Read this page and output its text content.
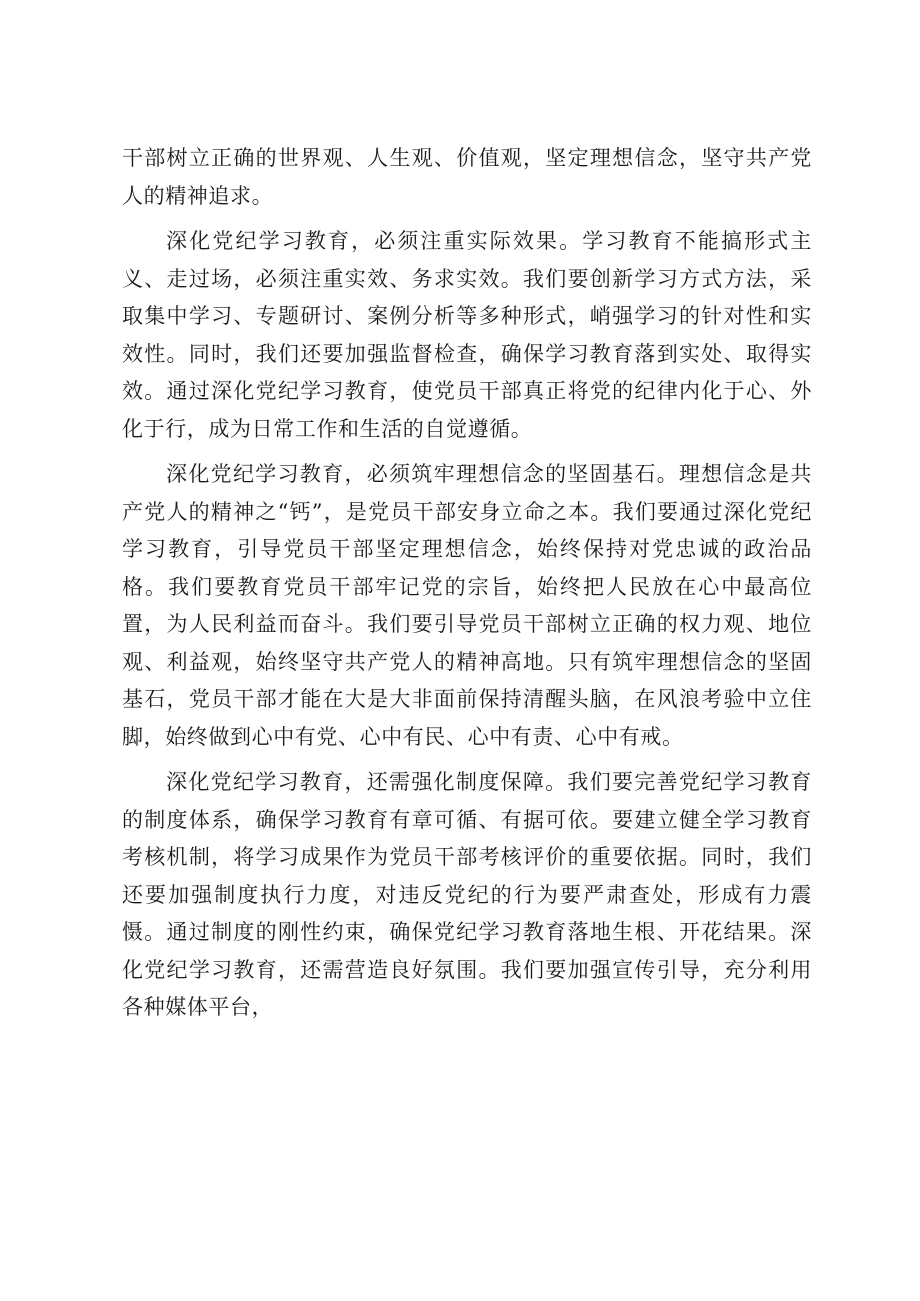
干部树立正确的世界观、人生观、价值观，坚定理想信念，坚守共产党人的精神追求。

深化党纪学习教育，必须注重实际效果。学习教育不能搞形式主义、走过场，必须注重实效、务求实效。我们要创新学习方式方法，采取集中学习、专题研讨、案例分析等多种形式，峭强学习的针对性和实效性。同时，我们还要加强监督检查，确保学习教育落到实处、取得实效。通过深化党纪学习教育，使党员干部真正将党的纪律内化于心、外化于行，成为日常工作和生活的自觉遵循。

深化党纪学习教育，必须筑牢理想信念的坚固基石。理想信念是共产党人的精神之“钙”，是党员干部安身立命之本。我们要通过深化党纪学习教育，引导党员干部坚定理想信念，始终保持对党忠诚的政治品格。我们要教育党员干部牢记党的宗旨，始终把人民放在心中最高位置，为人民利益而奋斗。我们要引导党员干部树立正确的权力观、地位观、利益观，始终坚守共产党人的精神高地。只有筑牢理想信念的坚固基石，党员干部才能在大是大非面前保持清醒头脑，在风浪考验中立住脚，始终做到心中有党、心中有民、心中有责、心中有戒。

深化党纪学习教育，还需强化制度保障。我们要完善党纪学习教育的制度体系，确保学习教育有章可循、有据可依。要建立健全学习教育考核机制，将学习成果作为党员干部考核评价的重要依据。同时，我们还要加强制度执行力度，对违反党纪的行为要严肃查处，形成有力震慑。通过制度的刚性约束，确保党纪学习教育落地生根、开花结果。深化党纪学习教育，还需营造良好氛围。我们要加强宣传引导，充分利用各种媒体平台，
